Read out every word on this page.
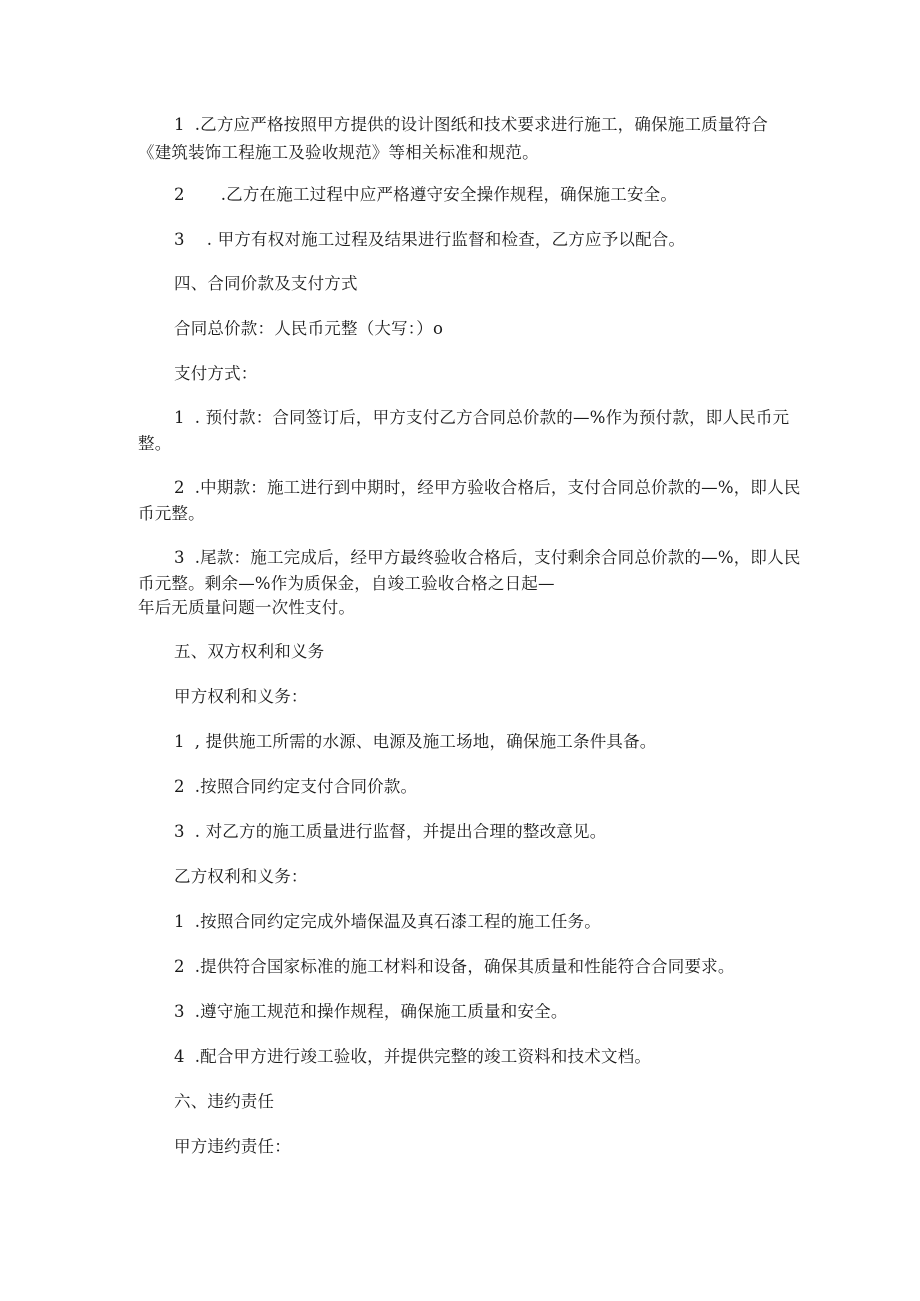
1 .乙方应严格按照甲方提供的设计图纸和技术要求进行施工，确保施工质量符合
《建筑装饰工程施工及验收规范》等相关标准和规范。
2 .乙方在施工过程中应严格遵守安全操作规程，确保施工安全。
3 . 甲方有权对施工过程及结果进行监督和检查，乙方应予以配合。
四、合同价款及支付方式
合同总价款：人民币元整（大写：）o
支付方式：
1 . 预付款：合同签订后，甲方支付乙方合同总价款的—%作为预付款，即人民币元
整。
2 .中期款：施工进行到中期时，经甲方验收合格后，支付合同总价款的—%，即人民
币元整。
3 .尾款：施工完成后，经甲方最终验收合格后，支付剩余合同总价款的—%，即人民
币元整。剩余—%作为质保金，自竣工验收合格之日起—
年后无质量问题一次性支付。
五、双方权利和义务
甲方权利和义务：
1 , 提供施工所需的水源、电源及施工场地，确保施工条件具备。
2 .按照合同约定支付合同价款。
3 . 对乙方的施工质量进行监督，并提出合理的整改意见。
乙方权利和义务：
1 .按照合同约定完成外墙保温及真石漆工程的施工任务。
2 .提供符合国家标准的施工材料和设备，确保其质量和性能符合合同要求。
3 .遵守施工规范和操作规程，确保施工质量和安全。
4 .配合甲方进行竣工验收，并提供完整的竣工资料和技术文档。
六、违约责任
甲方违约责任：
